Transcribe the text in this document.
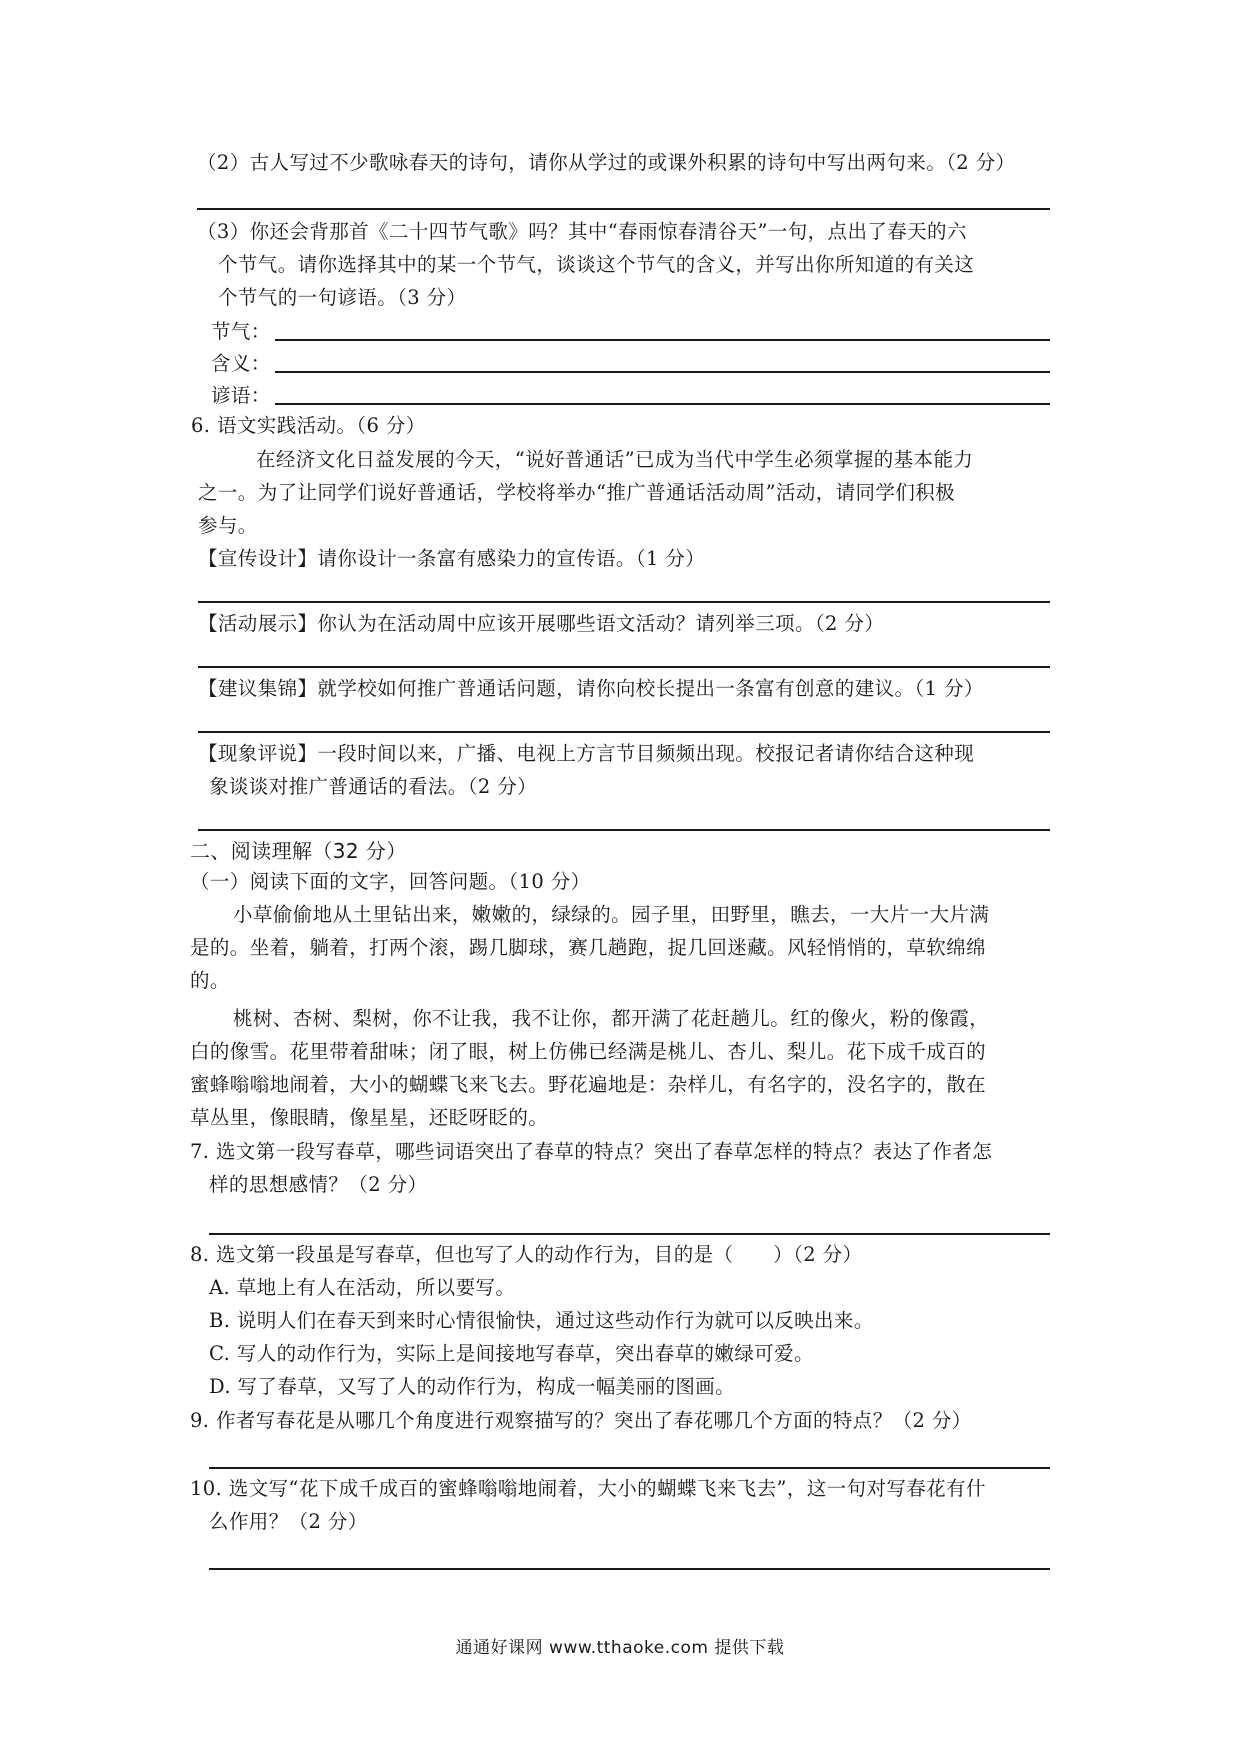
（2）古人写过不少歌咏春天的诗句，请你从学过的或课外积累的诗句中写出两句来。（2 分）
（3）你还会背那首《二十四节气歌》吗？其中“春雨惊春清谷天”一句，点出了春天的六
个节气。请你选择其中的某一个节气，谈谈这个节气的含义，并写出你所知道的有关这
个节气的一句谚语。（3 分）
节气：
含义：
谚语：
6. 语文实践活动。（6 分）
在经济文化日益发展的今天，“说好普通话”已成为当代中学生必须掌握的基本能力
之一。为了让同学们说好普通话，学校将举办“推广普通话活动周”活动，请同学们积极
参与。
【宣传设计】请你设计一条富有感染力的宣传语。（1 分）
【活动展示】你认为在活动周中应该开展哪些语文活动？请列举三项。（2 分）
【建议集锦】就学校如何推广普通话问题，请你向校长提出一条富有创意的建议。（1 分）
【现象评说】一段时间以来，广播、电视上方言节目频频出现。校报记者请你结合这种现
象谈谈对推广普通话的看法。（2 分）
二、阅读理解（32 分）
（一）阅读下面的文字，回答问题。（10 分）
小草偷偷地从土里钻出来，嫩嫩的，绿绿的。园子里，田野里，瞧去，一大片一大片满
是的。坐着，躺着，打两个滚，踢几脚球，赛几趟跑，捉几回迷藏。风轻悄悄的，草软绵绵
的。
桃树、杏树、梨树，你不让我，我不让你，都开满了花赶趟儿。红的像火，粉的像霞，
白的像雪。花里带着甜味；闭了眼，树上仿佛已经满是桃儿、杏儿、梨儿。花下成千成百的
蜜蜂嗡嗡地闹着，大小的蝴蝶飞来飞去。野花遍地是：杂样儿，有名字的，没名字的，散在
草丛里，像眼睛，像星星，还眨呀眨的。
7. 选文第一段写春草，哪些词语突出了春草的特点？突出了春草怎样的特点？表达了作者怎
样的思想感情？（2 分）
8. 选文第一段虽是写春草，但也写了人的动作行为，目的是（　　）（2 分）
A. 草地上有人在活动，所以要写。
B. 说明人们在春天到来时心情很愉快，通过这些动作行为就可以反映出来。
C. 写人的动作行为，实际上是间接地写春草，突出春草的嫩绿可爱。
D. 写了春草，又写了人的动作行为，构成一幅美丽的图画。
9. 作者写春花是从哪几个角度进行观察描写的？突出了春花哪几个方面的特点？（2 分）
10. 选文写“花下成千成百的蜜蜂嗡嗡地闹着，大小的蝴蝶飞来飞去”，这一句对写春花有什
么作用？（2 分）
通通好课网 www.tthaoke.com 提供下载
